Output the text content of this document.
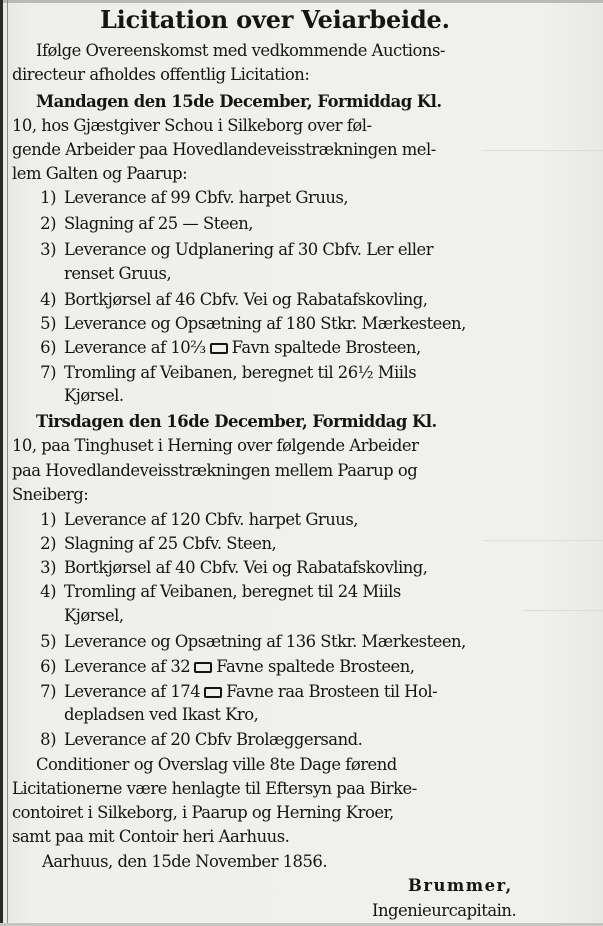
Licitation over Veiarbeide.
Ifølge Overeenskomst med vedkommende Auctions-
directeur afholdes offentlig Licitation:
Mandagen den 15de December, Formiddag Kl.
10, hos Gjæstgiver Schou i Silkeborg over føl-
gende Arbeider paa Hovedlandeveisstrækningen mel-
lem Galten og Paarup:
1) Leverance af 99 Cbfv. harpet Gruus,
2) Slagning af 25 — Steen,
3) Leverance og Udplanering af 30 Cbfv. Ler eller
renset Gruus,
4) Bortkjørsel af 46 Cbfv. Vei og Rabatafskovling,
5) Leverance og Opsætning af 180 Stkr. Mærkesteen,
6) Leverance af 10⅔ Favn spaltede Brosteen,
7) Tromling af Veibanen, beregnet til 26½ Miils
Kjørsel.
Tirsdagen den 16de December, Formiddag Kl.
10, paa Tinghuset i Herning over følgende Arbeider
paa Hovedlandeveisstrækningen mellem Paarup og
Sneiberg:
1) Leverance af 120 Cbfv. harpet Gruus,
2) Slagning af 25 Cbfv. Steen,
3) Bortkjørsel af 40 Cbfv. Vei og Rabatafskovling,
4) Tromling af Veibanen, beregnet til 24 Miils
Kjørsel,
5) Leverance og Opsætning af 136 Stkr. Mærkesteen,
6) Leverance af 32 Favne spaltede Brosteen,
7) Leverance af 174 Favne raa Brosteen til Hol-
depladsen ved Ikast Kro,
8) Leverance af 20 Cbfv Brolæggersand.
Conditioner og Overslag ville 8te Dage førend
Licitationerne være henlagte til Eftersyn paa Birke-
contoiret i Silkeborg, i Paarup og Herning Kroer,
samt paa mit Contoir heri Aarhuus.
Aarhuus, den 15de November 1856.
Brummer,
Ingenieurcapitain.
